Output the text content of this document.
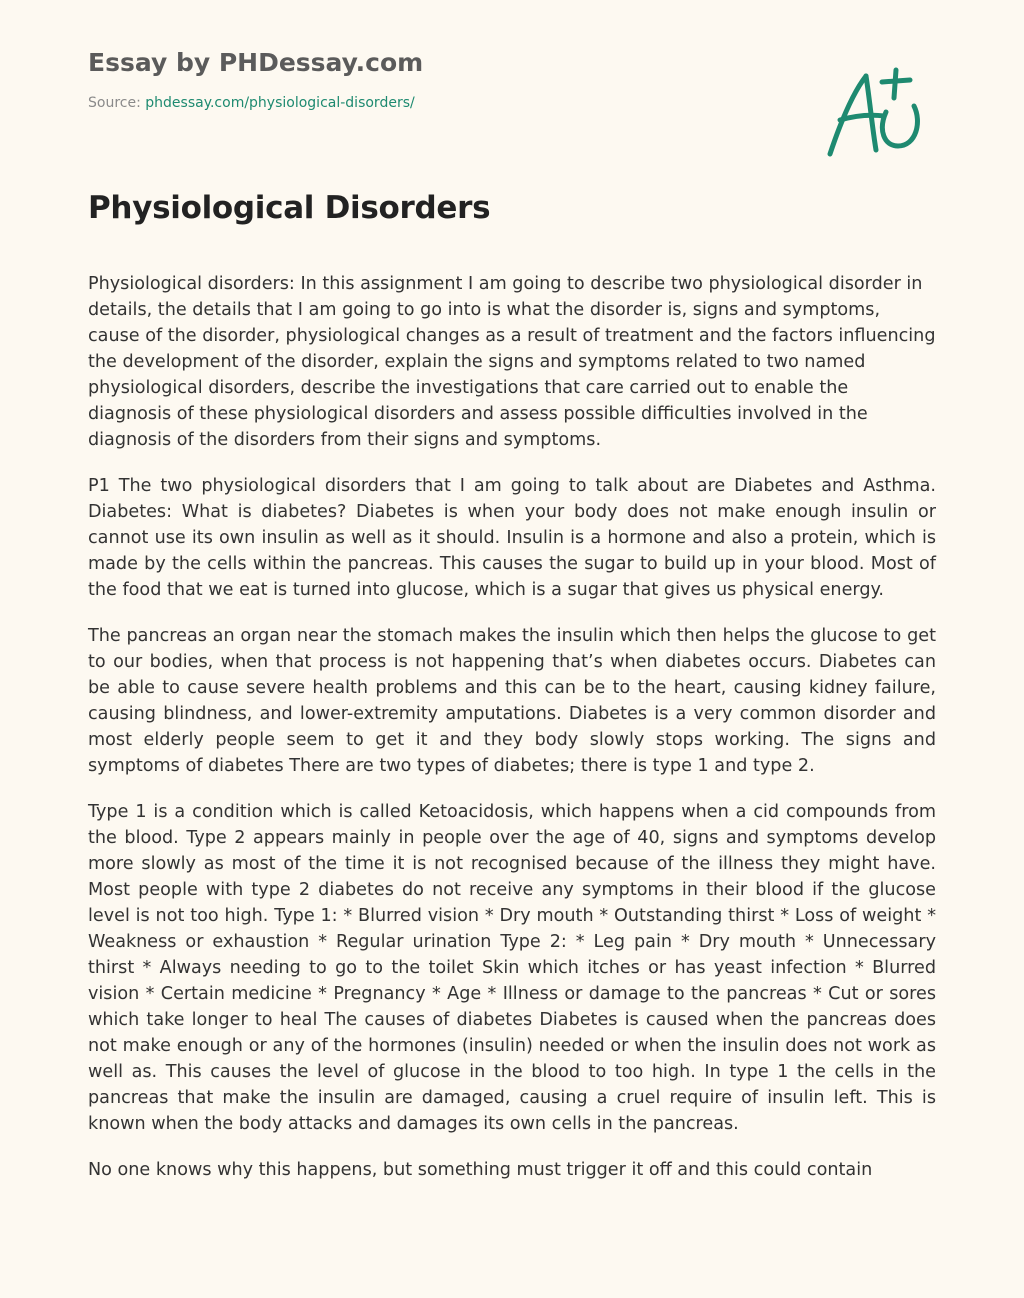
Essay by PHDessay.com
Source: phdessay.com/physiological-disorders/
Physiological Disorders

Physiological disorders: In this assignment I am going to describe two physiological disorder in details, the details that I am going to go into is what the disorder is, signs and symptoms, cause of the disorder, physiological changes as a result of treatment and the factors influencing the development of the disorder, explain the signs and symptoms related to two named physiological disorders, describe the investigations that care carried out to enable the diagnosis of these physiological disorders and assess possible difficulties involved in the diagnosis of the disorders from their signs and symptoms.

P1 The two physiological disorders that I am going to talk about are Diabetes and Asthma. Diabetes: What is diabetes? Diabetes is when your body does not make enough insulin or cannot use its own insulin as well as it should. Insulin is a hormone and also a protein, which is made by the cells within the pancreas. This causes the sugar to build up in your blood. Most of the food that we eat is turned into glucose, which is a sugar that gives us physical energy.

The pancreas an organ near the stomach makes the insulin which then helps the glucose to get to our bodies, when that process is not happening that’s when diabetes occurs. Diabetes can be able to cause severe health problems and this can be to the heart, causing kidney failure, causing blindness, and lower-extremity amputations. Diabetes is a very common disorder and most elderly people seem to get it and they body slowly stops working. The signs and symptoms of diabetes There are two types of diabetes; there is type 1 and type 2.

Type 1 is a condition which is called Ketoacidosis, which happens when a cid compounds from the blood. Type 2 appears mainly in people over the age of 40, signs and symptoms develop more slowly as most of the time it is not recognised because of the illness they might have. Most people with type 2 diabetes do not receive any symptoms in their blood if the glucose level is not too high. Type 1: * Blurred vision * Dry mouth * Outstanding thirst * Loss of weight * Weakness or exhaustion * Regular urination Type 2: * Leg pain * Dry mouth * Unnecessary thirst * Always needing to go to the toilet Skin which itches or has yeast infection * Blurred vision * Certain medicine * Pregnancy * Age * Illness or damage to the pancreas * Cut or sores which take longer to heal The causes of diabetes Diabetes is caused when the pancreas does not make enough or any of the hormones (insulin) needed or when the insulin does not work as well as. This causes the level of glucose in the blood to too high. In type 1 the cells in the pancreas that make the insulin are damaged, causing a cruel require of insulin left. This is known when the body attacks and damages its own cells in the pancreas.

No one knows why this happens, but something must trigger it off and this could contain
